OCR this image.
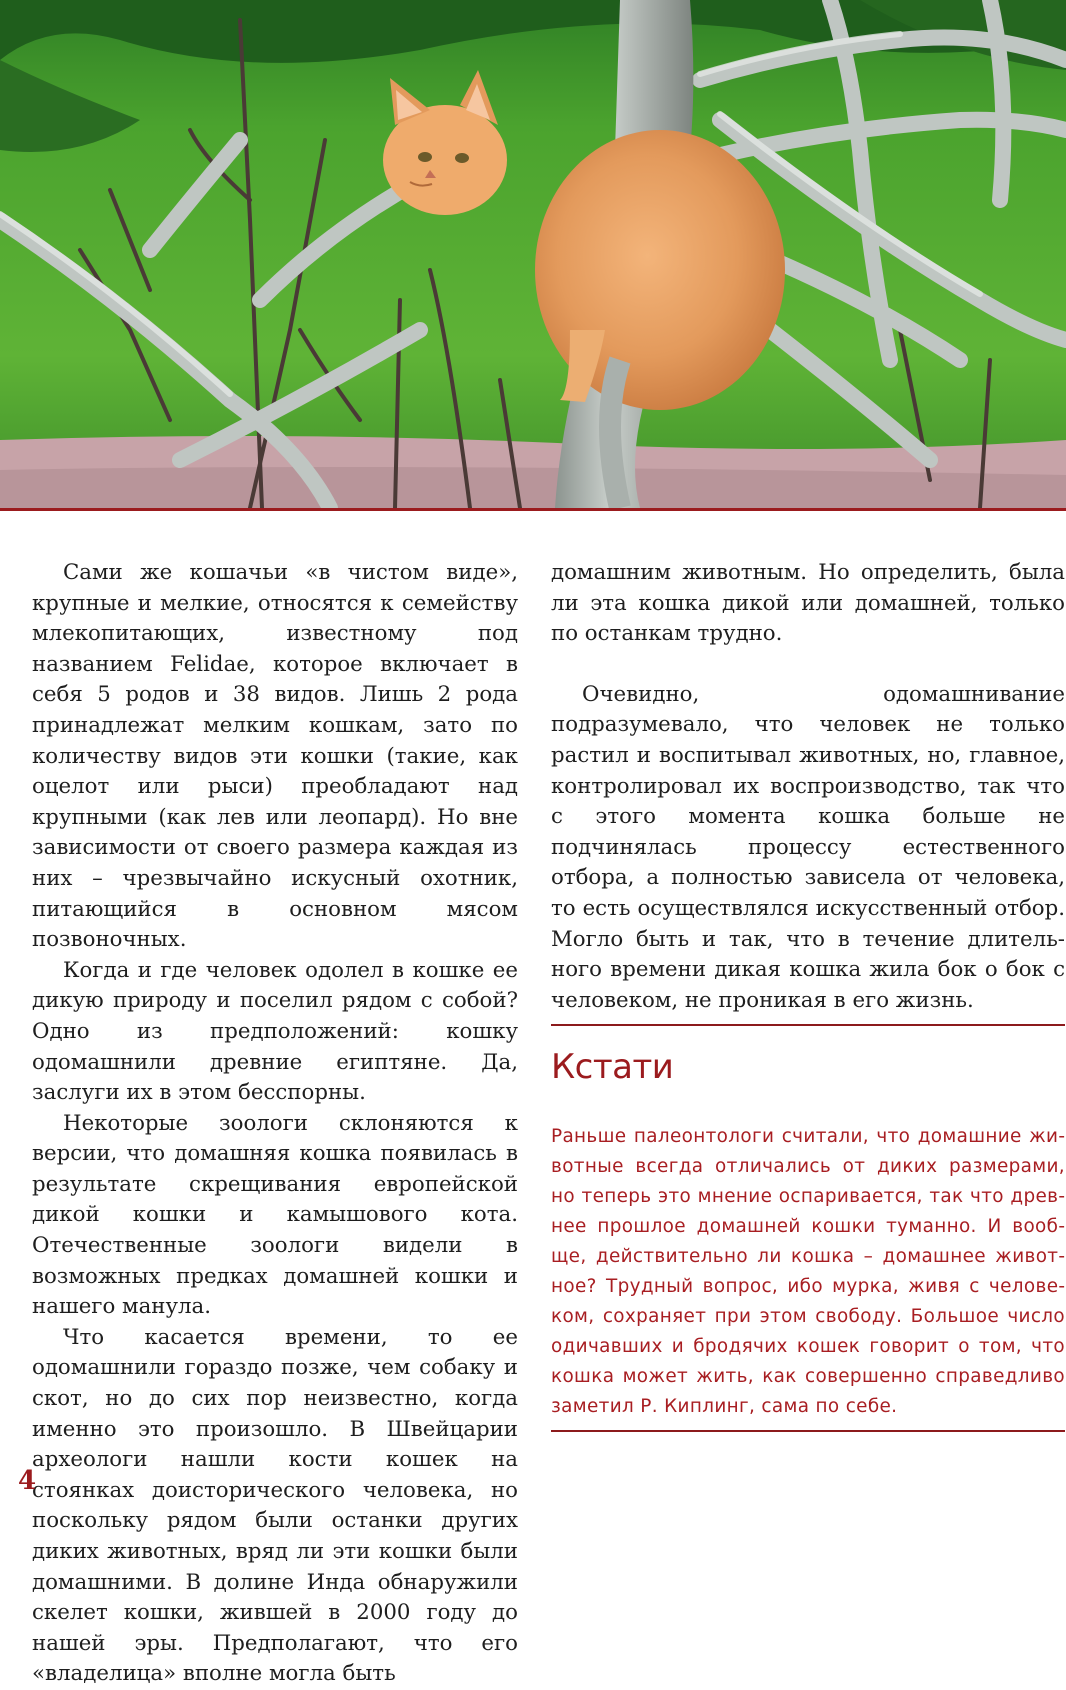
Сами же кошачьи «в чистом виде», крупные и мелкие, относятся к семейству млекопитающих, известному под названием Felidae, которое включает в себя 5 родов и 38 видов. Лишь 2 рода принадлежат мелким кошкам, зато по количеству видов эти кошки (такие, как оцелот или рыси) преобладают над крупными (как лев или леопард). Но вне зависимости от своего размера каждая из них – чрезвычайно искусный охотник, питающийся в основном мясом позвоночных.

Когда и где человек одолел в кошке ее дикую природу и поселил рядом с собой? Одно из предположений: кошку одомашнили древние египтяне. Да, заслуги их в этом бесспорны.

Некоторые зоологи склоняются к версии, что домашняя кошка появилась в результате скрещивания европейской дикой кошки и камышового кота. Отечественные зоологи видели в возможных предках домашней кошки и нашего манула.

Что касается времени, то ее одомашнили гораздо позже, чем собаку и скот, но до сих пор неизвестно, когда именно это произошло. В Швейцарии археологи нашли кости кошек на стоянках доисторического человека, но поскольку рядом были останки других диких животных, вряд ли эти кошки были домашними. В долине Инда обнаружили скелет кошки, жившей в 2000 году до нашей эры. Предполагают, что его «владелица» вполне могла быть

домашним животным. Но определить, была ли эта кошка дикой или домашней, только по останкам трудно.

Очевидно, одомашнивание подразумевало, что человек не только растил и воспитывал животных, но, главное, контролировал их воспроизводство, так что с этого момента кошка больше не подчинялась процессу естественного отбора, а полностью зависела от человека, то есть осуществлялся искусственный отбор. Могло быть и так, что в течение длительного времени дикая кошка жила бок о бок с человеком, не проникая в его жизнь.

Кстати

Раньше палеонтологи считали, что домашние животные всегда отличались от диких размерами, но теперь это мнение оспаривается, так что древнее прошлое домашней кошки туманно. И вообще, действительно ли кошка – домашнее животное? Трудный вопрос, ибо мурка, живя с человеком, сохраняет при этом свободу. Большое число одичавших и бродячих кошек говорит о том, что кошка может жить, как совершенно справедливо заметил Р. Киплинг, сама по себе.

4
